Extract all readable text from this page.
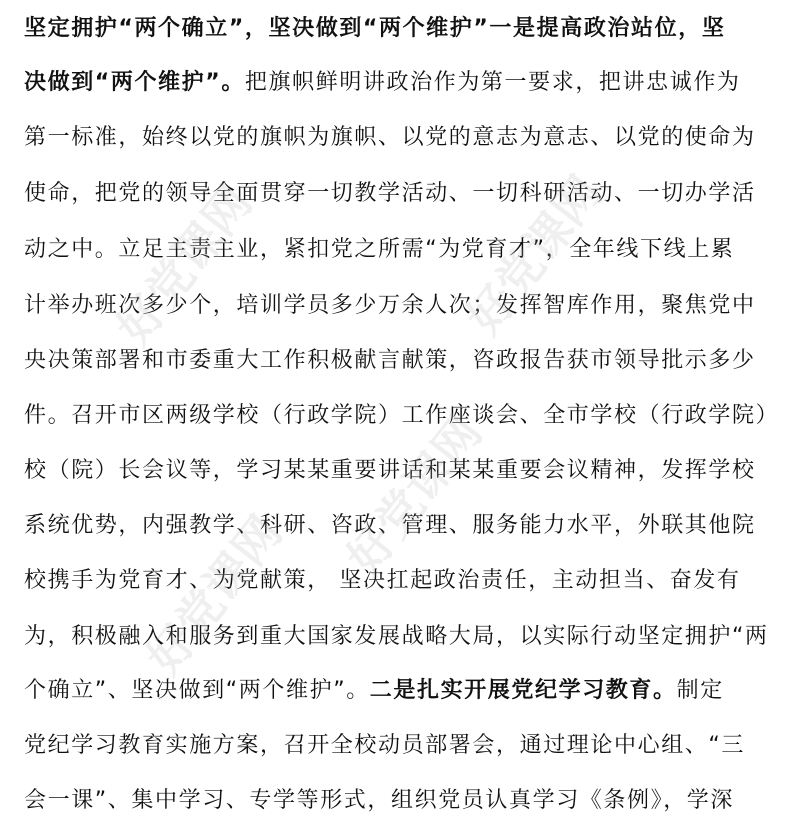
坚定拥护“两个确立”，坚决做到“两个维护”一是提高政治站位，坚
决做到“两个维护”。把旗帜鲜明讲政治作为第一要求，把讲忠诚作为
第一标准，始终以党的旗帜为旗帜、以党的意志为意志、以党的使命为
使命，把党的领导全面贯穿一切教学活动、一切科研活动、一切办学活
动之中。立足主责主业，紧扣党之所需“为党育才”，全年线下线上累
计举办班次多少个，培训学员多少万余人次；发挥智库作用，聚焦党中
央决策部署和市委重大工作积极献言献策，咨政报告获市领导批示多少
件。召开市区两级学校（行政学院）工作座谈会、全市学校（行政学院）
校（院）长会议等，学习某某重要讲话和某某重要会议精神，发挥学校
系统优势，内强教学、科研、咨政、管理、服务能力水平，外联其他院
校携手为党育才、为党献策， 坚决扛起政治责任，主动担当、奋发有
为，积极融入和服务到重大国家发展战略大局，以实际行动坚定拥护“两
个确立”、坚决做到“两个维护”。二是扎实开展党纪学习教育。制定
党纪学习教育实施方案，召开全校动员部署会，通过理论中心组、“三
会一课”、集中学习、专学等形式，组织党员认真学习《条例》，学深
好党课网
好党课网
好党课网
好党课网
